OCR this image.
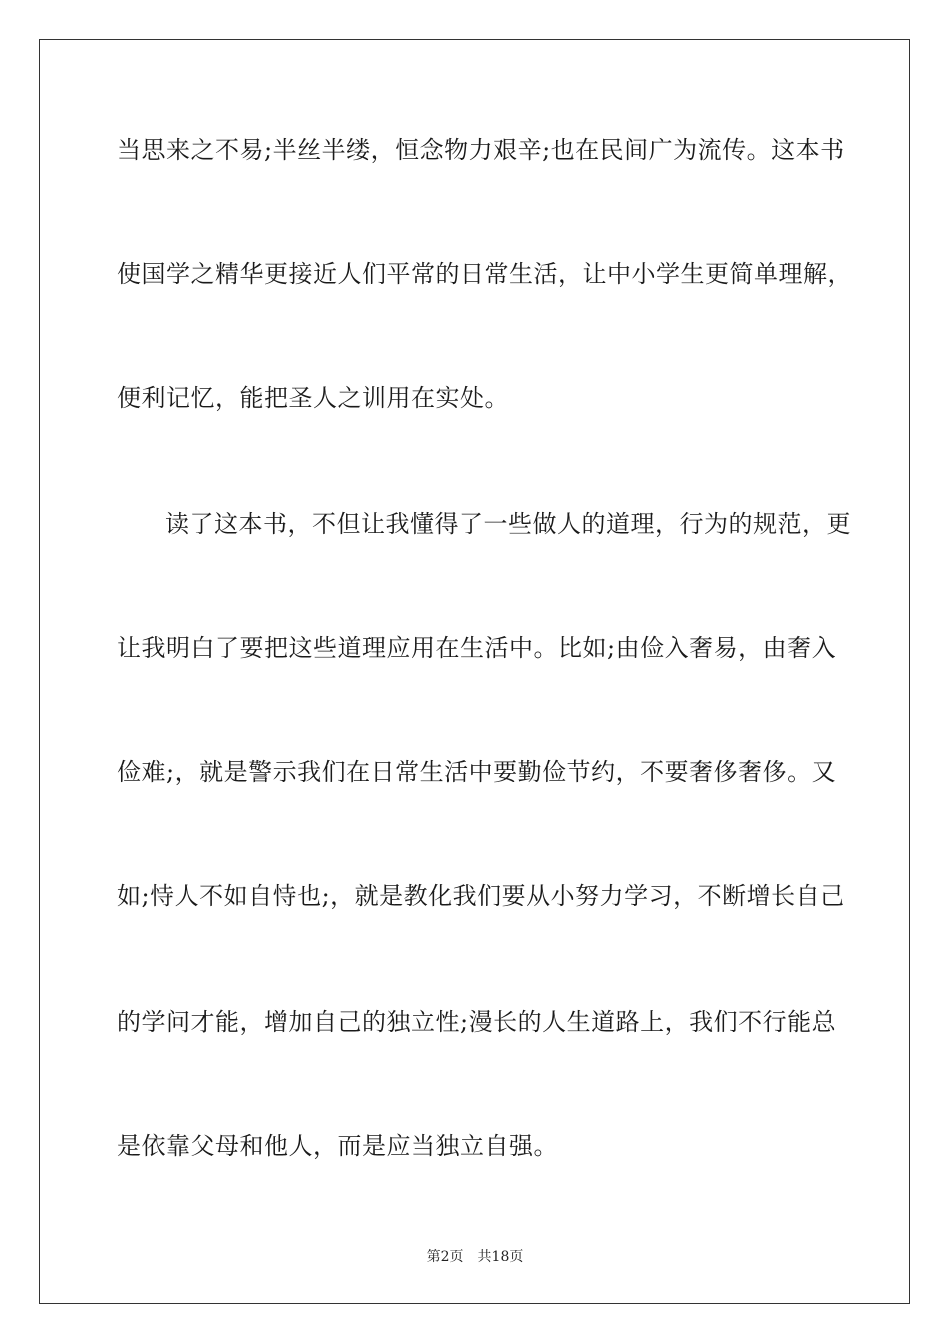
当思来之不易;半丝半缕，恒念物力艰辛;也在民间广为流传。这本书
使国学之精华更接近人们平常的日常生活，让中小学生更简单理解，
便利记忆，能把圣人之训用在实处。
读了这本书，不但让我懂得了一些做人的道理，行为的规范，更
让我明白了要把这些道理应用在生活中。比如;由俭入奢易，由奢入
俭难;，就是警示我们在日常生活中要勤俭节约，不要奢侈奢侈。又
如;恃人不如自恃也;，就是教化我们要从小努力学习，不断增长自己
的学问才能，增加自己的独立性;漫长的人生道路上，我们不行能总
是依靠父母和他人，而是应当独立自强。
第2页 共18页
